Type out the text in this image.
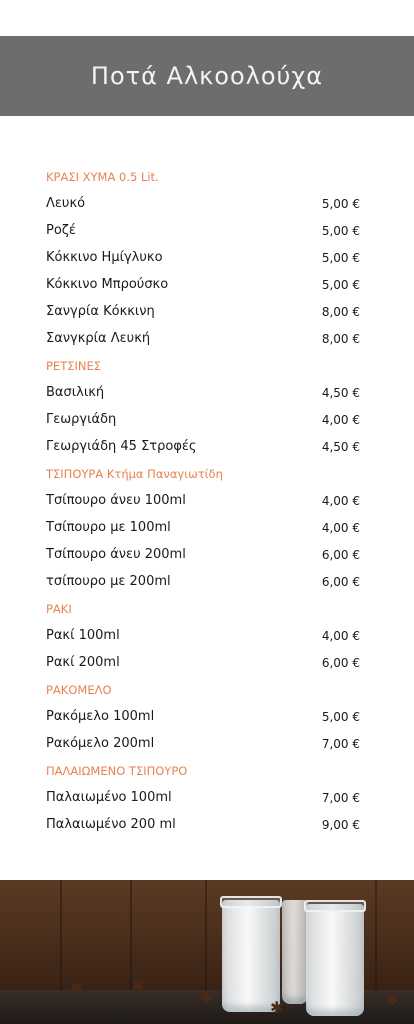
Ποτά Αλκοολούχα
ΚΡΑΣΙ ΧΥΜΑ 0.5 Lit.
Λευκό	5,00 €
Ροζέ	5,00 €
Κόκκινο Ημίγλυκο	5,00 €
Κόκκινο Μπρούσκο	5,00 €
Σανγρία Κόκκινη	8,00 €
Σανγκρία Λευκή	8,00 €
ΡΕΤΣΙΝΕΣ
Βασιλική	4,50 €
Γεωργιάδη	4,00 €
Γεωργιάδη 45 Στροφές	4,50 €
ΤΣΙΠΟΥΡΑ Κτήμα Παναγιωτίδη
Τσίπουρο άνευ 100ml	4,00 €
Τσίπουρο με 100ml	4,00 €
Τσίπουρο άνευ 200ml	6,00 €
τσίπουρο με 200ml	6,00 €
ΡΑΚΙ
Ρακί 100ml	4,00 €
Ρακί 200ml	6,00 €
ΡΑΚΟΜΕΛΟ
Ρακόμελο 100ml	5,00 €
Ρακόμελο 200ml	7,00 €
ΠΑΛΑΙΩΜΕΝΟ ΤΣΙΠΟΥΡΟ
Παλαιωμένο 100ml	7,00 €
Παλαιωμένο 200 ml	9,00 €
✱	✱
✱
✱	✱
